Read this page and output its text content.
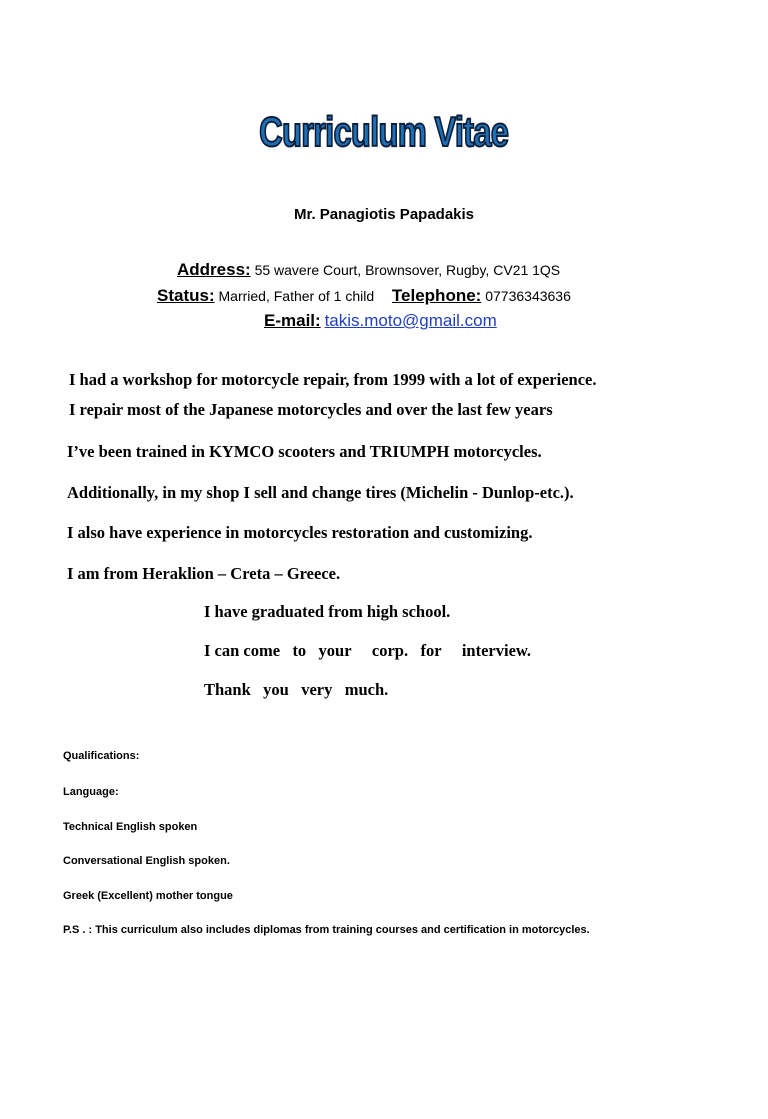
Curriculum Vitae
Mr. Panagiotis Papadakis
Address: 55 wavere Court, Brownsover, Rugby, CV21 1QS
Status: Married, Father of 1 child Telephone: 07736343636
E-mail: takis.moto@gmail.com
I had a workshop for motorcycle repair, from 1999 with a lot of experience.
I repair most of the Japanese motorcycles and over the last few years
I’ve been trained in KYMCO scooters and TRIUMPH motorcycles.
Additionally, in my shop I sell and change tires (Michelin - Dunlop-etc.).
I also have experience in motorcycles restoration and customizing.
I am from Heraklion – Creta – Greece.
I have graduated from high school.
I can come   to   your     corp.   for     interview.
Thank   you   very   much.
Qualifications:
Language:
Technical English spoken
Conversational English spoken.
Greek (Excellent) mother tongue
P.S . : This curriculum also includes diplomas from training courses and certification in motorcycles.
